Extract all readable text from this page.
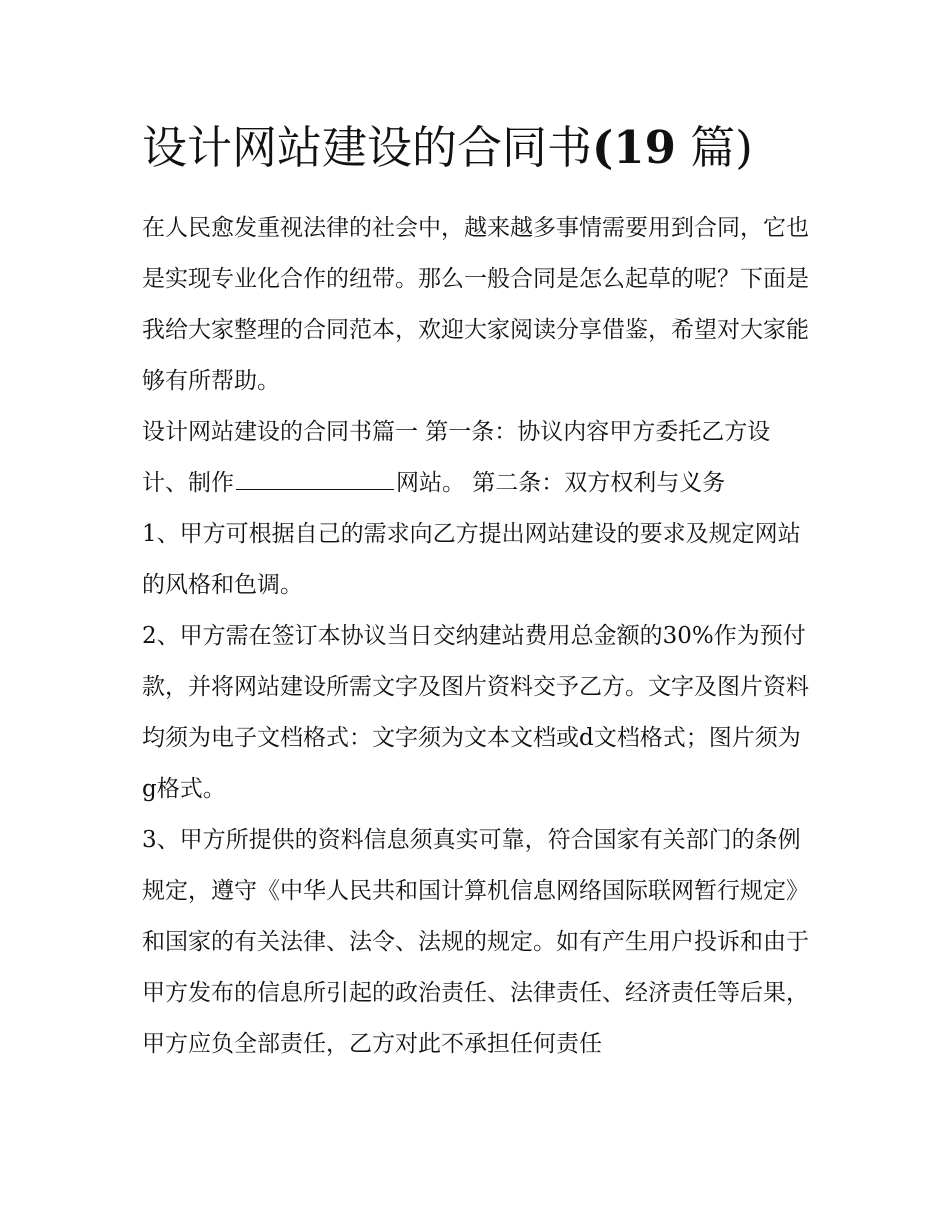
设计网站建设的合同书(19 篇)

在人民愈发重视法律的社会中，越来越多事情需要用到合同，它也是实现专业化合作的纽带。那么一般合同是怎么起草的呢？下面是我给大家整理的合同范本，欢迎大家阅读分享借鉴，希望对大家能够有所帮助。

设计网站建设的合同书篇一 第一条：协议内容甲方委托乙方设计、制作	网站。 第二条：双方权利与义务

1、甲方可根据自己的需求向乙方提出网站建设的要求及规定网站的风格和色调。

2、甲方需在签订本协议当日交纳建站费用总金额的30%作为预付款，并将网站建设所需文字及图片资料交予乙方。文字及图片资料均须为电子文档格式：文字须为文本文档或d文档格式；图片须为g格式。

3、甲方所提供的资料信息须真实可靠，符合国家有关部门的条例规定，遵守《中华人民共和国计算机信息网络国际联网暂行规定》和国家的有关法律、法令、法规的规定。如有产生用户投诉和由于甲方发布的信息所引起的政治责任、法律责任、经济责任等后果，甲方应负全部责任，乙方对此不承担任何责任
